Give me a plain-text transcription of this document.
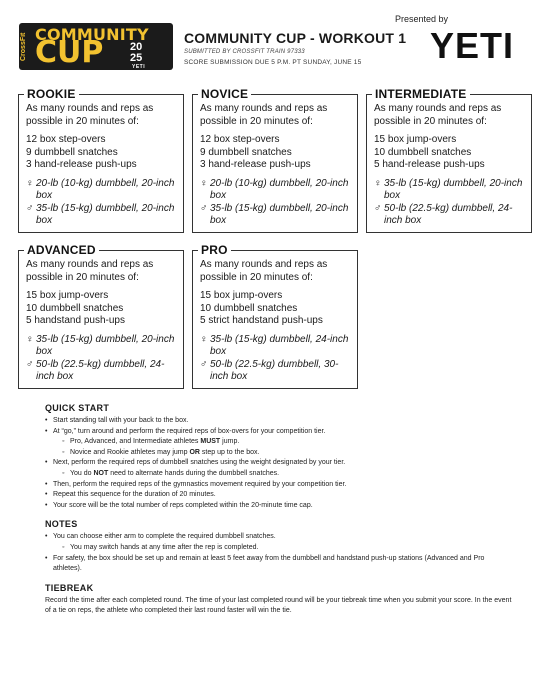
CrossFit COMMUNITY
CUP 20
25
YETI
COMMUNITY CUP - WORKOUT 1
SUBMITTED BY CROSSFIT TRAIN 97333
SCORE SUBMISSION DUE 5 P.M. PT SUNDAY, JUNE 15
Presented by
YETI
ROOKIE

As many rounds and reps as possible in 20 minutes of:

12 box step-overs

9 dumbbell snatches

3 hand-release push-ups

♀ 20-lb (10-kg) dumbbell, 20-inch box
♂ 35-lb (15-kg) dumbbell, 20-inch box
NOVICE

As many rounds and reps as possible in 20 minutes of:

12 box step-overs

9 dumbbell snatches

3 hand-release push-ups

♀ 20-lb (10-kg) dumbbell, 20-inch box
♂ 35-lb (15-kg) dumbbell, 20-inch box
INTERMEDIATE

As many rounds and reps as possible in 20 minutes of:

15 box jump-overs

10 dumbbell snatches

5 hand-release push-ups

♀ 35-lb (15-kg) dumbbell, 20-inch box
♂ 50-lb (22.5-kg) dumbbell, 24-inch box
ADVANCED

As many rounds and reps as possible in 20 minutes of:

15 box jump-overs

10 dumbbell snatches

5 handstand push-ups

♀ 35-lb (15-kg) dumbbell, 20-inch box
♂ 50-lb (22.5-kg) dumbbell, 24-inch box
PRO

As many rounds and reps as possible in 20 minutes of:

15 box jump-overs

10 dumbbell snatches

5 strict handstand push-ups

♀ 35-lb (15-kg) dumbbell, 24-inch box
♂ 50-lb (22.5-kg) dumbbell, 30-inch box
QUICK START
• Start standing tall with your back to the box.
• At “go,” turn around and perform the required reps of box-overs for your competition tier.
◦ Pro, Advanced, and Intermediate athletes MUST jump.
◦ Novice and Rookie athletes may jump OR step up to the box.
• Next, perform the required reps of dumbbell snatches using the weight designated by your tier.
◦ You do NOT need to alternate hands during the dumbbell snatches.
• Then, perform the required reps of the gymnastics movement required by your competition tier.
• Repeat this sequence for the duration of 20 minutes.
• Your score will be the total number of reps completed within the 20-minute time cap.
NOTES
• You can choose either arm to complete the required dumbbell snatches.
◦ You may switch hands at any time after the rep is completed.
• For safety, the box should be set up and remain at least 5 feet away from the dumbbell and handstand push-up stations (Advanced and Pro athletes).
TIEBREAK
Record the time after each completed round. The time of your last completed round will be your tiebreak time when you submit your score. In the event of a tie on reps, the athlete who completed their last round faster will win the tie.
